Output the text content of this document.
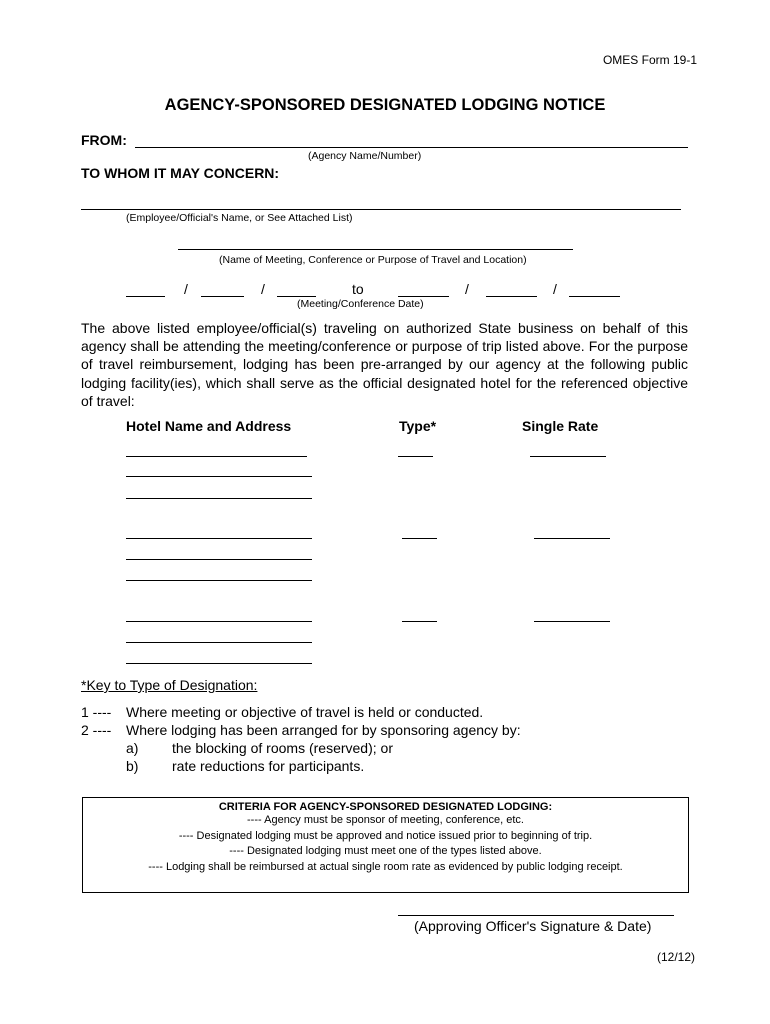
OMES Form 19-1
AGENCY-SPONSORED DESIGNATED LODGING NOTICE
FROM:
(Agency Name/Number)
TO WHOM IT MAY CONCERN:
(Employee/Official's Name, or See Attached List)
(Name of Meeting, Conference or Purpose of Travel and Location)
/	/	to	/	/
(Meeting/Conference Date)
The above listed employee/official(s) traveling on authorized State business on behalf of this agency shall be attending the meeting/conference or purpose of trip listed above. For the purpose of travel reimbursement, lodging has been pre-arranged by our agency at the following public lodging facility(ies), which shall serve as the official designated hotel for the referenced objective of travel:
Hotel Name and Address	Type*	Single Rate
*Key to Type of Designation:
1 ---- Where meeting or objective of travel is held or conducted.
2 ---- Where lodging has been arranged for by sponsoring agency by:
a) the blocking of rooms (reserved); or
b) rate reductions for participants.
CRITERIA FOR AGENCY-SPONSORED DESIGNATED LODGING:
---- Agency must be sponsor of meeting, conference, etc.
---- Designated lodging must be approved and notice issued prior to beginning of trip.
---- Designated lodging must meet one of the types listed above.
---- Lodging shall be reimbursed at actual single room rate as evidenced by public lodging receipt.
(Approving Officer's Signature & Date)
(12/12)
